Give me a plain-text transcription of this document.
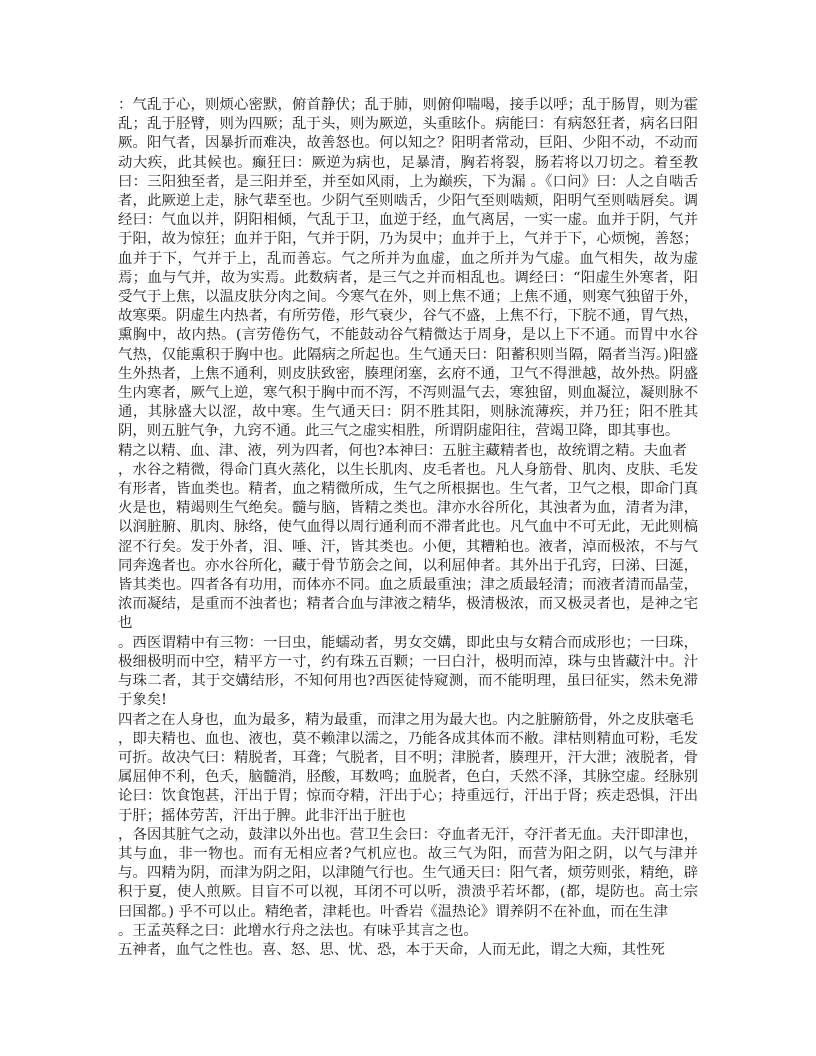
：气乱于心，则烦心密默，俯首静伏；乱于肺，则俯仰喘喝，接手以呼；乱于肠胃，则为霍乱；乱于胫臂，则为四厥；乱于头，则为厥逆，头重眩仆。病能曰：有病怒狂者，病名曰阳厥。阳气者，因暴折而难决，故善怒也。何以知之？阳明者常动，巨阳、少阳不动，不动而动大疾，此其候也。癫狂曰：厥逆为病也，足暴清，胸若将裂，肠若将以刀切之。着至教曰：三阳独至者，是三阳并至，并至如风雨，上为巅疾，下为漏 。《口问》曰：人之自啮舌者，此厥逆上走，脉气辈至也。少阴气至则啮舌，少阳气至则啮颊，阳明气至则啮唇矣。调经曰：气血以并，阴阳相倾，气乱于卫，血逆于经，血气离居，一实一虚。血并于阴，气并于阳，故为惊狂；血并于阳，气并于阴，乃为炅中；血并于上，气并于下，心烦惋，善怒；血并于下，气并于上，乱而善忘。气之所并为血虚，血之所并为气虚。血气相失，故为虚焉；血与气并，故为实焉。此数病者，是三气之并而相乱也。调经曰：“阳虚生外寒者，阳受气于上焦，以温皮肤分肉之间。今寒气在外，则上焦不通；上焦不通，则寒气独留于外，故寒栗。阴虚生内热者，有所劳倦，形气衰少，谷气不盛，上焦不行，下脘不通，胃气热，熏胸中，故内热。(言劳倦伤气，不能鼓动谷气精微达于周身，是以上下不通。而胃中水谷气热，仅能熏积于胸中也。此隔病之所起也。生气通天曰：阳蓄积则当隔，隔者当泻。)阳盛生外热者，上焦不通利，则皮肤致密，腠理闭塞，玄府不通，卫气不得泄越，故外热。阴盛生内寒者，厥气上逆，寒气积于胸中而不泻，不泻则温气去，寒独留，则血凝泣，凝则脉不通，其脉盛大以涩，故中寒。生气通天曰：阴不胜其阳，则脉流薄疾，并乃狂；阳不胜其阴，则五脏气争，九窍不通。此三气之虚实相胜，所谓阴虚阳往，营竭卫降，即其事也。

精之以精、血、津、液，列为四者，何也?本神曰：五脏主藏精者也，故统谓之精。夫血者

，水谷之精微，得命门真火蒸化，以生长肌肉、皮毛者也。凡人身筋骨、肌肉、皮肤、毛发有形者，皆血类也。精者，血之精微所成，生气之所根据也。生气者，卫气之根，即命门真火是也，精竭则生气绝矣。髓与脑，皆精之类也。津亦水谷所化，其浊者为血，清者为津，以润脏腑、肌肉、脉络，使气血得以周行通利而不滞者此也。凡气血中不可无此，无此则槁涩不行矣。发于外者，泪、唾、汗，皆其类也。小便，其糟粕也。液者，淖而极浓，不与气同奔逸者也。亦水谷所化，藏于骨节筋会之间，以利屈伸者。其外出于孔窍，曰涕、曰涎，皆其类也。四者各有功用，而体亦不同。血之质最重浊；津之质最轻清；而液者清而晶莹，浓而凝结，是重而不浊者也；精者合血与津液之精华，极清极浓，而又极灵者也，是神之宅也

。西医谓精中有三物：一曰虫，能蠕动者，男女交媾，即此虫与女精合而成形也；一曰珠，极细极明而中空，精平方一寸，约有珠五百颗；一曰白汁，极明而淖，珠与虫皆藏汁中。汁与珠二者，其于交媾结形，不知何用也?西医徒恃窥测，而不能明理，虽曰征实，然未免滞于象矣!

四者之在人身也，血为最多，精为最重，而津之用为最大也。内之脏腑筋骨，外之皮肤毫毛

，即夫精也、血也、液也，莫不赖津以濡之，乃能各成其体而不敝。津枯则精血可粉，毛发可折。故决气曰：精脱者，耳聋；气脱者，目不明；津脱者，腠理开，汗大泄；液脱者，骨属屈伸不利，色夭，脑髓消，胫酸，耳数鸣；血脱者，色白，夭然不泽，其脉空虚。经脉别论曰：饮食饱甚，汗出于胃；惊而夺精，汗出于心；持重远行，汗出于肾；疾走恐惧，汗出于肝；摇体劳苦，汗出于脾。此非汗出于脏也

，各因其脏气之动，鼓津以外出也。营卫生会曰：夺血者无汗，夺汗者无血。夫汗即津也，其与血，非一物也。而有无相应者?气机应也。故三气为阳，而营为阳之阴，以气与津并与。四精为阴，而津为阴之阳，以津随气行也。生气通天曰：阳气者，烦劳则张，精绝，辟积于夏，使人煎厥。目盲不可以视，耳闭不可以听，溃溃乎若坏都，(都，堤防也。高士宗曰国都。) 乎不可以止。精绝者，津耗也。叶香岩《温热论》谓养阴不在补血，而在生津

。王孟英释之曰：此增水行舟之法也。有味乎其言之也。

五神者，血气之性也。喜、怒、思、忧、恐，本于天命，人而无此，谓之大痴，其性死
